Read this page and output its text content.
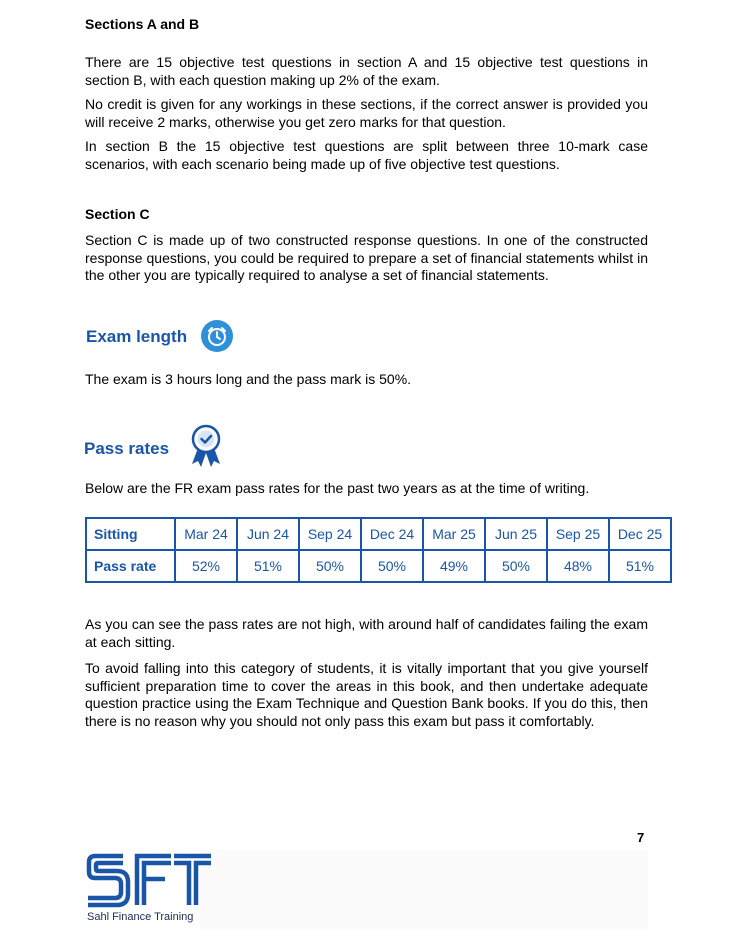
Sections A and B

There are 15 objective test questions in section A and 15 objective test questions in section B, with each question making up 2% of the exam.

No credit is given for any workings in these sections, if the correct answer is provided you will receive 2 marks, otherwise you get zero marks for that question.

In section B the 15 objective test questions are split between three 10-mark case scenarios, with each scenario being made up of five objective test questions.

Section C

Section C is made up of two constructed response questions. In one of the constructed response questions, you could be required to prepare a set of financial statements whilst in the other you are typically required to analyse a set of financial statements.

Exam length

The exam is 3 hours long and the pass mark is 50%.

Pass rates

Below are the FR exam pass rates for the past two years as at the time of writing.

Sitting	Mar 24	Jun 24	Sep 24	Dec 24	Mar 25	Jun 25	Sep 25	Dec 25
Pass rate	52%	51%	50%	50%	49%	50%	48%	51%

As you can see the pass rates are not high, with around half of candidates failing the exam at each sitting.

To avoid falling into this category of students, it is vitally important that you give yourself sufficient preparation time to cover the areas in this book, and then undertake adequate question practice using the Exam Technique and Question Bank books. If you do this, then there is no reason why you should not only pass this exam but pass it comfortably.

7
Sahl Finance Training
